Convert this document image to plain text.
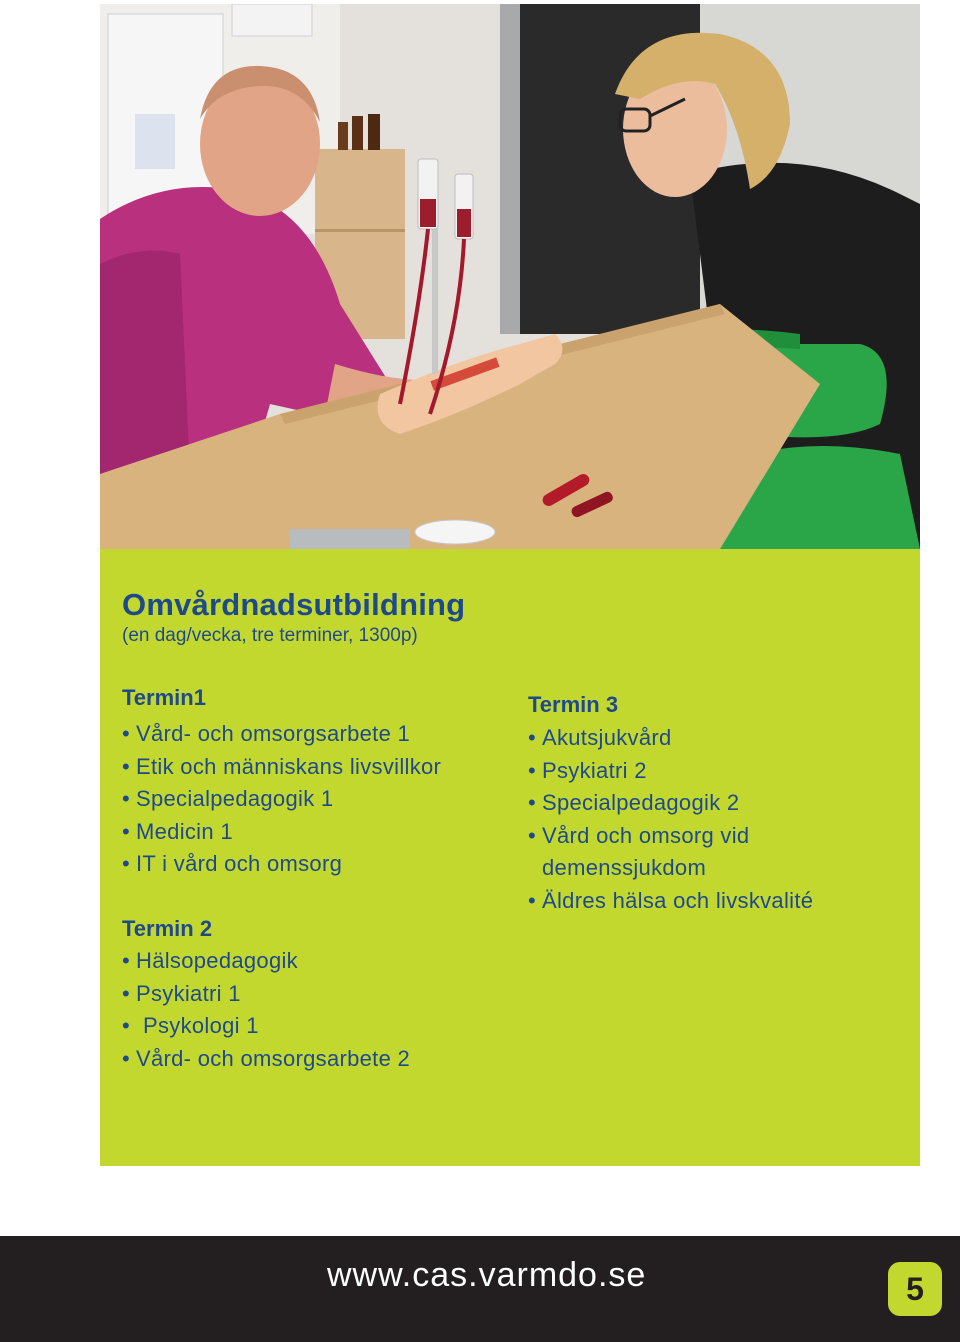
Omvårdnadsutbildning

(en dag/vecka, tre terminer, 1300p)

Termin1
• Vård- och omsorgsarbete 1
• Etik och människans livsvillkor
• Specialpedagogik 1
• Medicin 1
• IT i vård och omsorg
Termin 2
• Hälsopedagogik
• Psykiatri 1
• Psykologi 1
• Vård- och omsorgsarbete 2
Termin 3
• Akutsjukvård
• Psykiatri 2
• Specialpedagogik 2
• Vård och omsorg vid
demenssjukdom
• Äldres hälsa och livskvalité

www.cas.varmdo.se	5
